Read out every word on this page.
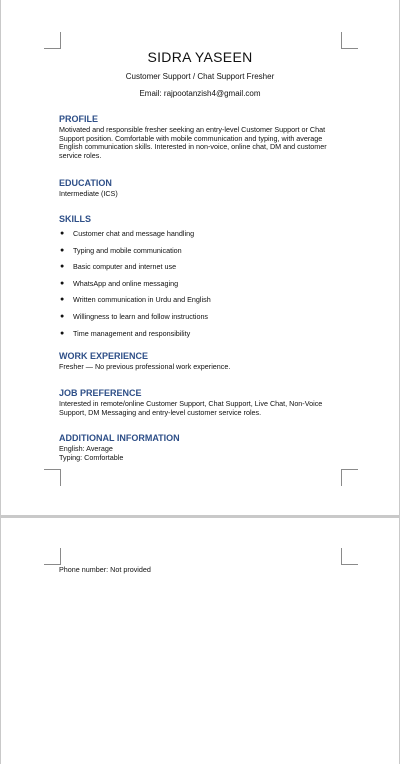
SIDRA YASEEN
Customer Support / Chat Support Fresher
Email: rajpootanzish4@gmail.com
PROFILE

Motivated and responsible fresher seeking an entry-level Customer Support or Chat Support position. Comfortable with mobile communication and typing, with average English communication skills. Interested in non-voice, online chat, DM and customer service roles.

EDUCATION

Intermediate (ICS)

SKILLS
● Customer chat and message handling
● Typing and mobile communication
● Basic computer and internet use
● WhatsApp and online messaging
● Written communication in Urdu and English
● Willingness to learn and follow instructions
● Time management and responsibility
WORK EXPERIENCE

Fresher — No previous professional work experience.

JOB PREFERENCE

Interested in remote/online Customer Support, Chat Support, Live Chat, Non-Voice Support, DM Messaging and entry-level customer service roles.

ADDITIONAL INFORMATION

English: Average

Typing: Comfortable

Phone number: Not provided
